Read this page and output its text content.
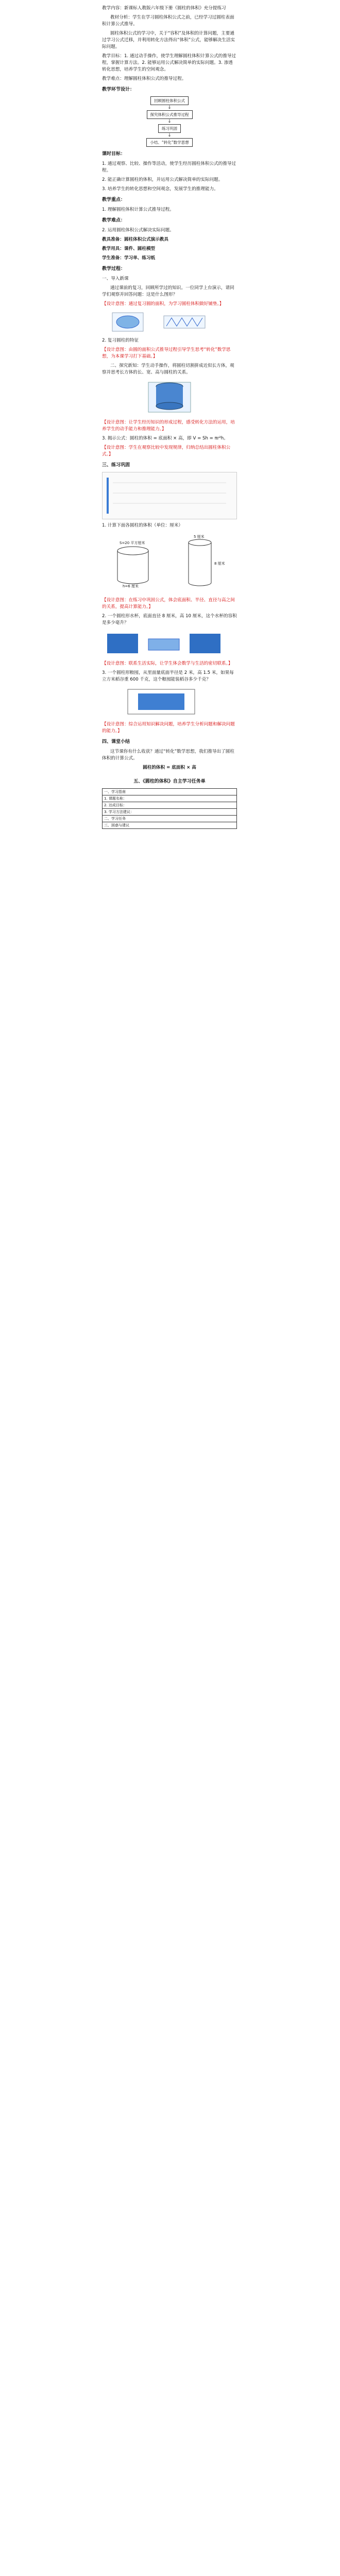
教学内容：新课标人教版六年级下册《圆柱的体积》充分提练习

教材分析：学生在学习圆柱体积公式之前，已经学习过圆柱表面积计算公式推导。

圆柱体积公式的学习中，关于“容积”及体积的计算问题，主要通过学习公式迁移，并利用转化方法得出“体积”公式，能够解决生活实际问题。

教学目标：1. 通过动手操作，使学生理解圆柱体积计算公式的推导过程，掌握计算方法。2. 能够运用公式解决简单的实际问题。3. 渗透转化思想，培养学生的空间观念。

教学难点：理解圆柱体积公式的推导过程。

教学环节设计：

回顾圆柱体积公式
↓
探究体积公式推导过程
↓
练习巩固
↓
小结、“转化”数学思想

课时目标：

1. 通过观察、比较、操作等活动，使学生经历圆柱体积公式的推导过程。

2. 能正确计算圆柱的体积，并运用公式解决简单的实际问题。

3. 培养学生的转化思想和空间观念，发展学生的推理能力。

教学重点：

1. 理解圆柱体积计算公式推导过程。

教学难点：

2. 运用圆柱体积公式解决实际问题。

教具准备：圆柱体积公式演示教具

教学用具：课件、圆柱模型

学生准备：学习单、练习纸

教学过程：

一、导入新课

通过课前的复习，回顾所学过的知识。一位同学上台演示，请同学们观察并回答问题：这是什么图形？

【设计意图：通过复习圆的面积，为学习圆柱体积做好铺垫。】

2. 复习圆柱的特征

【设计意图：由圆的面积公式推导过程引导学生思考“转化”数学思想，为本课学习打下基础。】

二、探究新知：学生动手操作，将圆柱切割拼成近似长方体，观察并思考长方体的长、宽、高与圆柱的关系。

【设计意图：让学生经历知识的形成过程，感受转化方法的运用，培养学生的动手能力和推理能力。】

3. 揭示公式：圆柱的体积 = 底面积 × 高，即 V = Sh = πr²h。

【设计意图：学生在观察比较中发现规律，归纳总结出圆柱体积公式。】

三、练习巩固

1. 计算下面各圆柱的体积（单位：厘米）

S=20 平方厘米
h=6 厘米
5 厘米
8 厘米

【设计意图：在练习中巩固公式，体会底面积、半径、直径与高之间的关系，提高计算能力。】

2. 一个圆柱形水杯，底面直径 8 厘米，高 10 厘米，这个水杯的容积是多少毫升？

【设计意图：联系生活实际，让学生体会数学与生活的密切联系。】

3. 一个圆柱形粮囤，从里面量底面半径是 2 米，高 1.5 米，如果每立方米稻谷重 600 千克，这个粮囤能装稻谷多少千克？

【设计意图：综合运用知识解决问题，培养学生分析问题和解决问题的能力。】

四、课堂小结

这节课你有什么收获？通过“转化”数学思想，我们推导出了圆柱体积的计算公式。

圆柱的体积 = 底面积 × 高

五、《圆柱的体积》自主学习任务单

一、学习指南
1. 课题名称：
2. 达成目标：
3. 学习方法建议：
二、学习任务
三、困惑与建议
